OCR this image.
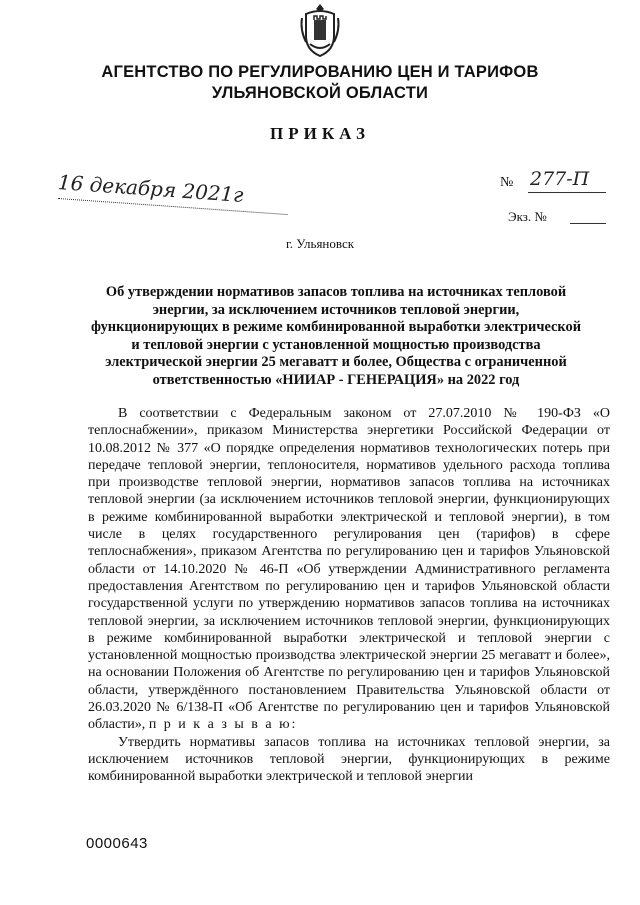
АГЕНТСТВО ПО РЕГУЛИРОВАНИЮ ЦЕН И ТАРИФОВ
УЛЬЯНОВСКОЙ ОБЛАСТИ
ПРИКАЗ
16 декабря 2021г	№ 277-П
Экз. №
г. Ульяновск
Об утверждении нормативов запасов топлива на источниках тепловой
энергии, за исключением источников тепловой энергии,
функционирующих в режиме комбинированной выработки электрической
и тепловой энергии с установленной мощностью производства
электрической энергии 25 мегаватт и более, Общества с ограниченной
ответственностью «НИИАР - ГЕНЕРАЦИЯ» на 2022 год

В соответствии с Федеральным законом от 27.07.2010 № 190-ФЗ «О теплоснабжении», приказом Министерства энергетики Российской Федерации от 10.08.2012 № 377 «О порядке определения нормативов технологических потерь при передаче тепловой энергии, теплоносителя, нормативов удельного расхода топлива при производстве тепловой энергии, нормативов запасов топлива на источниках тепловой энергии (за исключением источников тепловой энергии, функционирующих в режиме комбинированной выработки электрической и тепловой энергии), в том числе в целях государственного регулирования цен (тарифов) в сфере теплоснабжения», приказом Агентства по регулированию цен и тарифов Ульяновской области от 14.10.2020 № 46-П «Об утверждении Административного регламента предоставления Агентством по регулированию цен и тарифов Ульяновской области государственной услуги по утверждению нормативов запасов топлива на источниках тепловой энергии, за исключением источников тепловой энергии, функционирующих в режиме комбинированной выработки электрической и тепловой энергии с установленной мощностью производства электрической энергии 25 мегаватт и более», на основании Положения об Агентстве по регулированию цен и тарифов Ульяновской области, утверждённого постановлением Правительства Ульяновской области от 26.03.2020 № 6/138-П «Об Агентстве по регулированию цен и тарифов Ульяновской области», п р и к а з ы в а ю:

Утвердить нормативы запасов топлива на источниках тепловой энергии, за исключением источников тепловой энергии, функционирующих в режиме комбинированной выработки электрической и тепловой энергии

0000643
